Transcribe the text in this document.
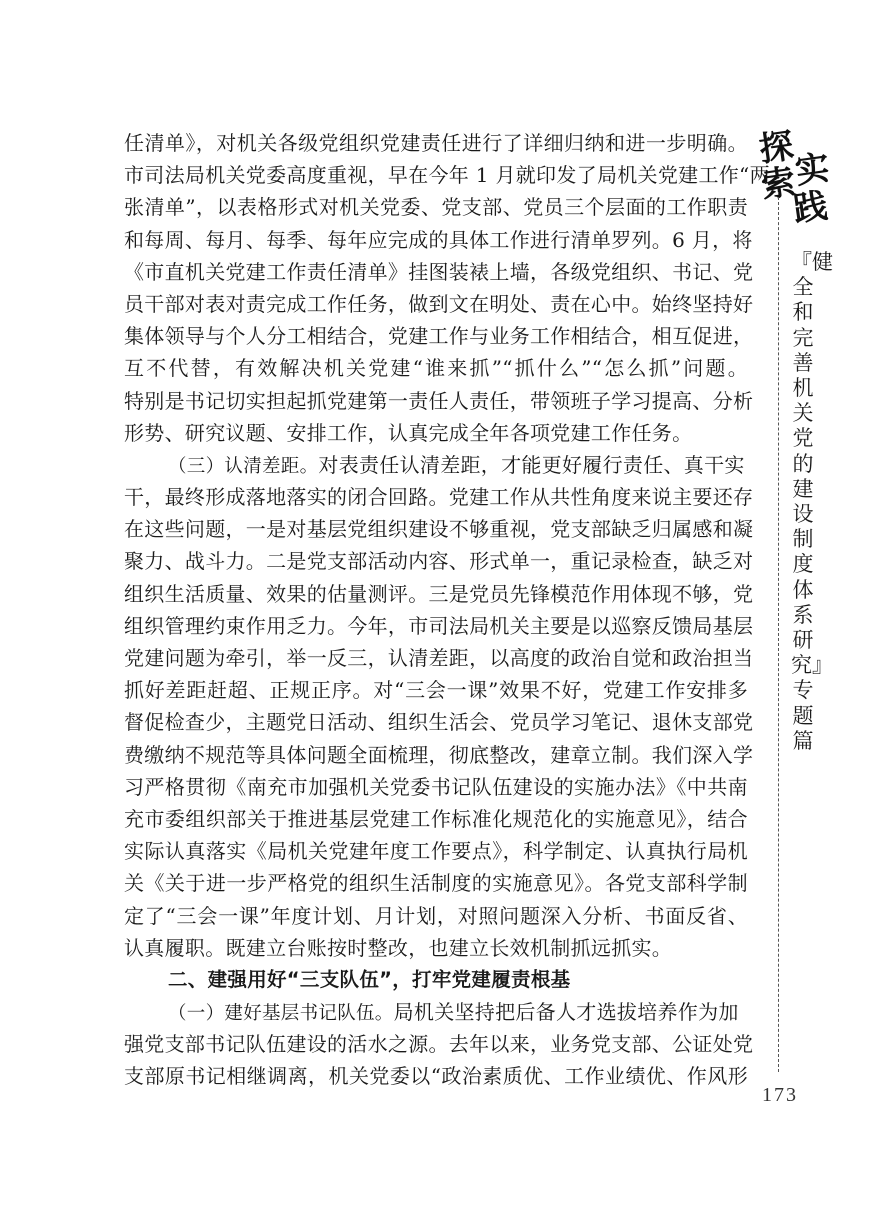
任清单》，对机关各级党组织党建责任进行了详细归纳和进一步明确。
市司法局机关党委高度重视，早在今年 1 月就印发了局机关党建工作“两
张清单”，以表格形式对机关党委、党支部、党员三个层面的工作职责
和每周、每月、每季、每年应完成的具体工作进行清单罗列。6 月，将
《市直机关党建工作责任清单》挂图装裱上墙，各级党组织、书记、党
员干部对表对责完成工作任务，做到文在明处、责在心中。始终坚持好
集体领导与个人分工相结合，党建工作与业务工作相结合，相互促进，
互不代替，有效解决机关党建“谁来抓”“抓什么”“怎么抓”问题。
特别是书记切实担起抓党建第一责任人责任，带领班子学习提高、分析
形势、研究议题、安排工作，认真完成全年各项党建工作任务。
（三）认清差距。对表责任认清差距，才能更好履行责任、真干实
干，最终形成落地落实的闭合回路。党建工作从共性角度来说主要还存
在这些问题，一是对基层党组织建设不够重视，党支部缺乏归属感和凝
聚力、战斗力。二是党支部活动内容、形式单一，重记录检查，缺乏对
组织生活质量、效果的估量测评。三是党员先锋模范作用体现不够，党
组织管理约束作用乏力。今年，市司法局机关主要是以巡察反馈局基层
党建问题为牵引，举一反三，认清差距，以高度的政治自觉和政治担当
抓好差距赶超、正规正序。对“三会一课”效果不好，党建工作安排多
督促检查少，主题党日活动、组织生活会、党员学习笔记、退休支部党
费缴纳不规范等具体问题全面梳理，彻底整改，建章立制。我们深入学
习严格贯彻《南充市加强机关党委书记队伍建设的实施办法》《中共南
充市委组织部关于推进基层党建工作标准化规范化的实施意见》，结合
实际认真落实《局机关党建年度工作要点》，科学制定、认真执行局机
关《关于进一步严格党的组织生活制度的实施意见》。各党支部科学制
定了“三会一课”年度计划、月计划，对照问题深入分析、书面反省、
认真履职。既建立台账按时整改，也建立长效机制抓远抓实。
二、建强用好“三支队伍”，打牢党建履责根基
（一）建好基层书记队伍。局机关坚持把后备人才选拔培养作为加
强党支部书记队伍建设的活水之源。去年以来，业务党支部、公证处党
支部原书记相继调离，机关党委以“政治素质优、工作业绩优、作风形
探
索
实
践
『健全和完善机关党的建设制度体系研究』专题篇
173
